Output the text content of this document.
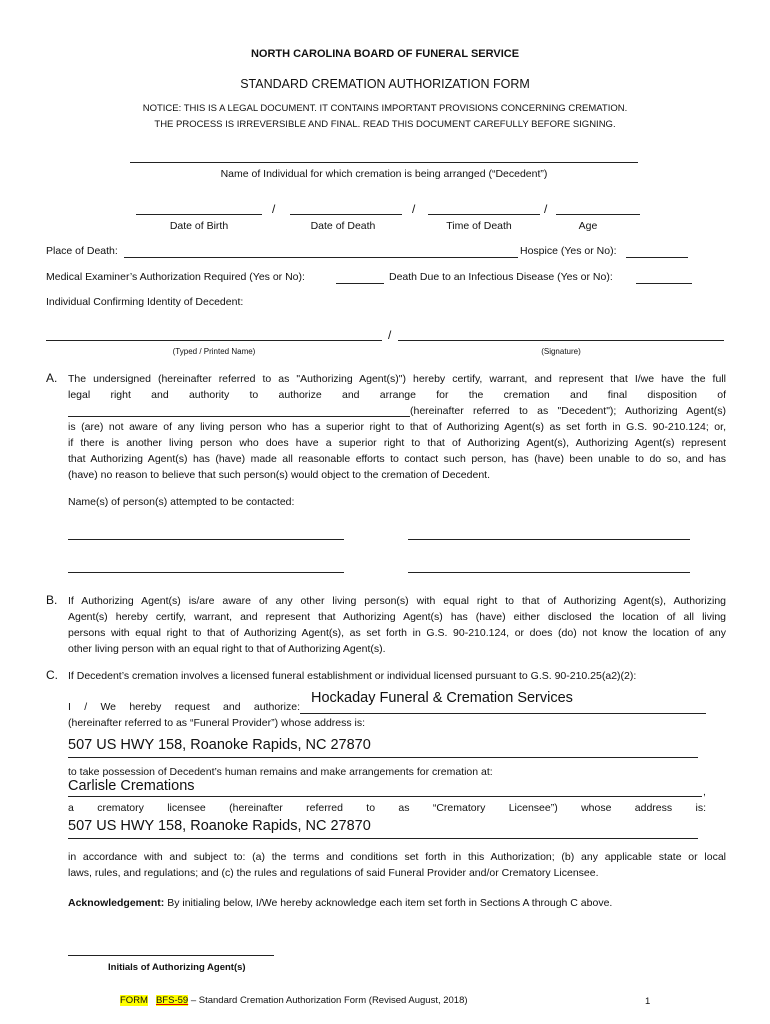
NORTH CAROLINA BOARD OF FUNERAL SERVICE
STANDARD CREMATION AUTHORIZATION FORM
NOTICE: THIS IS A LEGAL DOCUMENT. IT CONTAINS IMPORTANT PROVISIONS CONCERNING CREMATION.
THE PROCESS IS IRREVERSIBLE AND FINAL. READ THIS DOCUMENT CAREFULLY BEFORE SIGNING.
Name of Individual for which cremation is being arranged (“Decedent”)
/	/	/
Date of Birth	Date of Death	Time of Death	Age
Place of Death:	Hospice (Yes or No):
Medical Examiner’s Authorization Required (Yes or No):	Death Due to an Infectious Disease (Yes or No):
Individual Confirming Identity of Decedent:
/
(Typed / Printed Name)	(Signature)
A. The undersigned (hereinafter referred to as "Authorizing Agent(s)") hereby certify, warrant, and represent that I/we have the full
legal right and authority to authorize and arrange for the cremation and final disposition of
(hereinafter referred to as "Decedent"); Authorizing Agent(s)
is (are) not aware of any living person who has a superior right to that of Authorizing Agent(s) as set forth in G.S. 90-210.124; or,
if there is another living person who does have a superior right to that of Authorizing Agent(s), Authorizing Agent(s) represent
that Authorizing Agent(s) has (have) made all reasonable efforts to contact such person, has (have) been unable to do so, and has
(have) no reason to believe that such person(s) would object to the cremation of Decedent.
Name(s) of person(s) attempted to be contacted:
B. If Authorizing Agent(s) is/are aware of any other living person(s) with equal right to that of Authorizing Agent(s), Authorizing
Agent(s) hereby certify, warrant, and represent that Authorizing Agent(s) has (have) either disclosed the location of all living
persons with equal right to that of Authorizing Agent(s), as set forth in G.S. 90-210.124, or does (do) not know the location of any
other living person with an equal right to that of Authorizing Agent(s).
C. If Decedent’s cremation involves a licensed funeral establishment or individual licensed pursuant to G.S. 90-210.25(a2)(2):
I / We hereby request and authorize:
Hockaday Funeral & Cremation Services
(hereinafter referred to as “Funeral Provider”) whose address is:
507 US HWY 158, Roanoke Rapids, NC 27870
to take possession of Decedent’s human remains and make arrangements for cremation at:
Carlisle Cremations	,
a crematory licensee (hereinafter referred to as “Crematory Licensee”) whose address is:
507 US HWY 158, Roanoke Rapids, NC 27870
in accordance with and subject to: (a) the terms and conditions set forth in this Authorization; (b) any applicable state or local
laws, rules, and regulations; and (c) the rules and regulations of said Funeral Provider and/or Crematory Licensee.
Acknowledgement: By initialing below, I/We hereby acknowledge each item set forth in Sections A through C above.
Initials of Authorizing Agent(s)
FORM BFS-59 – Standard Cremation Authorization Form (Revised August, 2018)	1
